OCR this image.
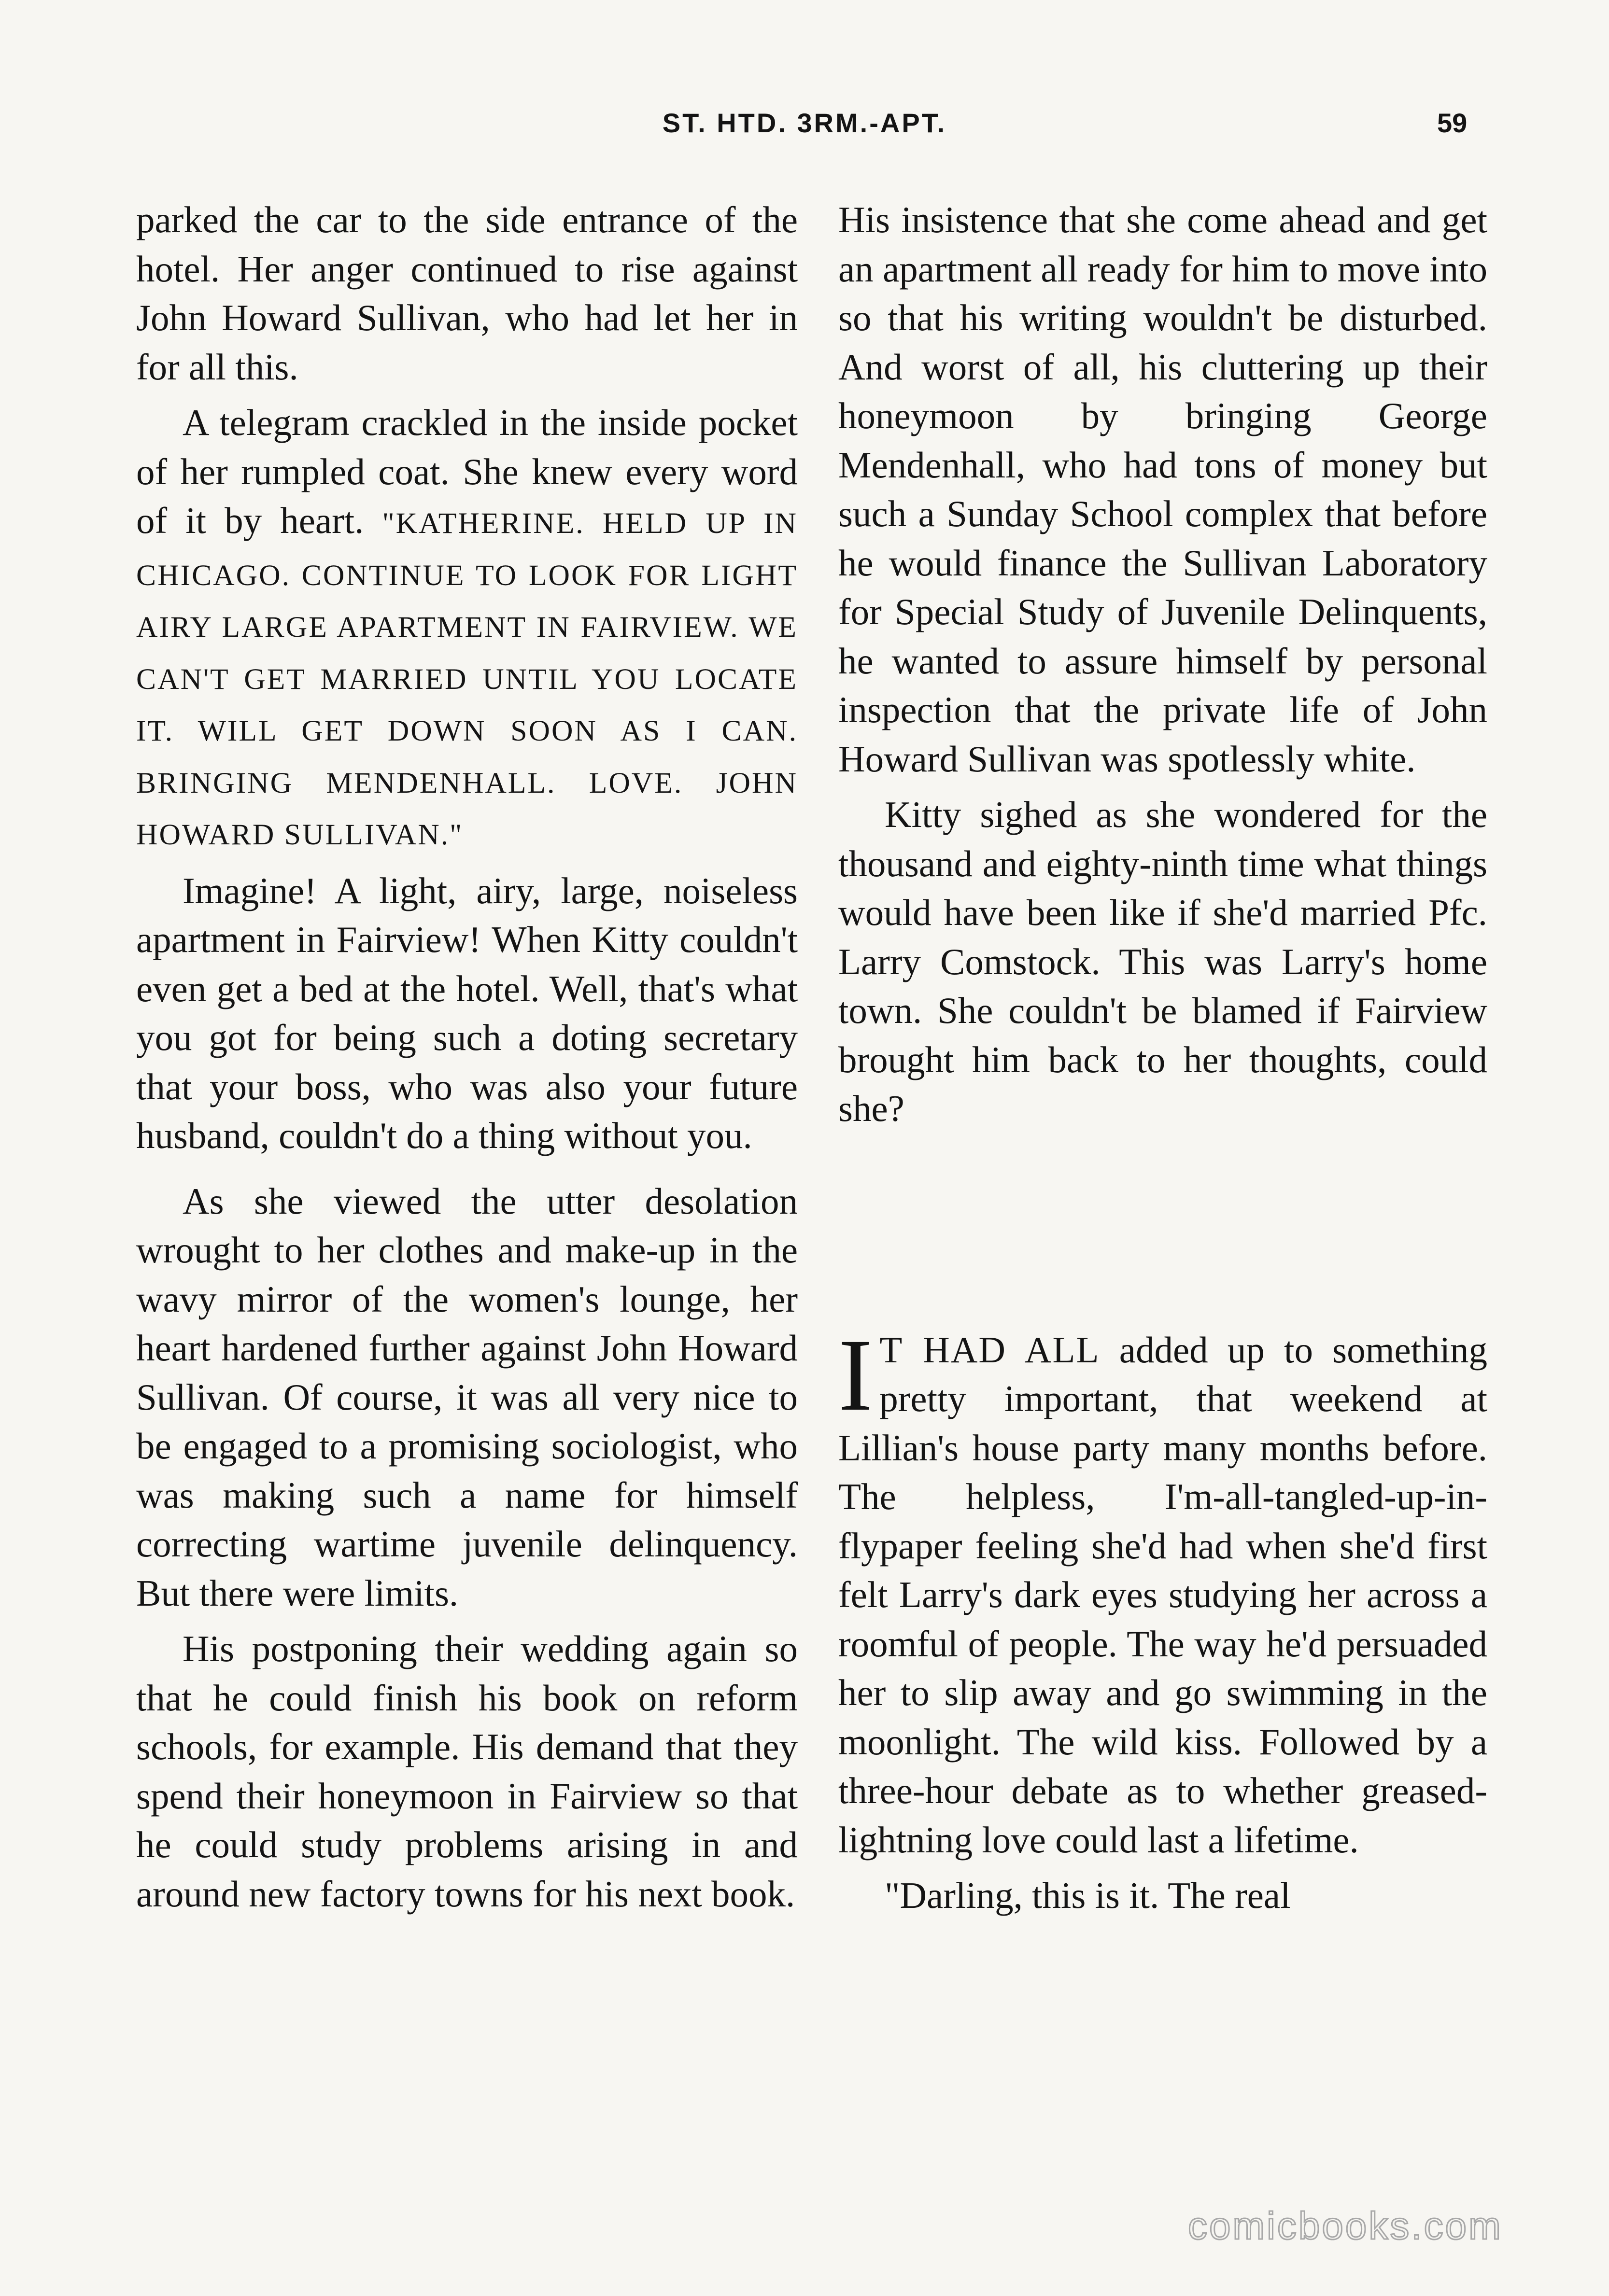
ST. HTD. 3RM.-APT.	59

parked the car to the side entrance of the hotel. Her anger continued to rise against John Howard Sullivan, who had let her in for all this.

A telegram crackled in the inside pocket of her rumpled coat. She knew every word of it by heart. "KATHERINE. HELD UP IN CHICAGO. CONTINUE TO LOOK FOR LIGHT AIRY LARGE APARTMENT IN FAIRVIEW. WE CAN'T GET MARRIED UNTIL YOU LOCATE IT. WILL GET DOWN SOON AS I CAN. BRINGING MENDENHALL. LOVE. JOHN HOWARD SULLIVAN."

Imagine! A light, airy, large, noiseless apartment in Fairview! When Kitty couldn't even get a bed at the hotel. Well, that's what you got for being such a doting secretary that your boss, who was also your future husband, couldn't do a thing without you.

As she viewed the utter desolation wrought to her clothes and make-up in the wavy mirror of the women's lounge, her heart hardened further against John Howard Sullivan. Of course, it was all very nice to be engaged to a promising sociologist, who was making such a name for himself correcting wartime juvenile delinquency. But there were limits.

His postponing their wedding again so that he could finish his book on reform schools, for example. His demand that they spend their honeymoon in Fairview so that he could study problems arising in and around new factory towns for his next book.

His insistence that she come ahead and get an apartment all ready for him to move into so that his writing wouldn't be disturbed. And worst of all, his cluttering up their honeymoon by bringing George Mendenhall, who had tons of money but such a Sunday School complex that before he would finance the Sullivan Laboratory for Special Study of Juvenile Delinquents, he wanted to assure himself by personal inspection that the private life of John Howard Sullivan was spotlessly white.

Kitty sighed as she wondered for the thousand and eighty-ninth time what things would have been like if she'd married Pfc. Larry Comstock. This was Larry's home town. She couldn't be blamed if Fairview brought him back to her thoughts, could she?

I T HAD ALL added up to something pretty important, that weekend at Lillian's house party many months before. The helpless, I'm-all-tangled-up-in-flypaper feeling she'd had when she'd first felt Larry's dark eyes studying her across a roomful of people. The way he'd persuaded her to slip away and go swimming in the moonlight. The wild kiss. Followed by a three-hour debate as to whether greased-lightning love could last a lifetime.

"Darling, this is it. The real

comicbooks.com
